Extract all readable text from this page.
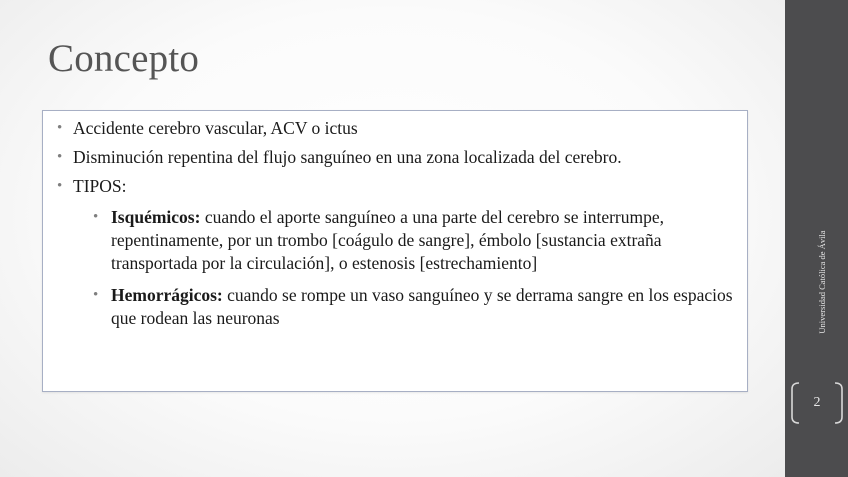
Concepto
• Accidente cerebro vascular, ACV o ictus
• Disminución repentina del flujo sanguíneo en una zona localizada del cerebro.
• TIPOS:
• Isquémicos: cuando el aporte sanguíneo a una parte del cerebro se interrumpe, repentinamente, por un trombo [coágulo de sangre], émbolo [sustancia extraña transportada por la circulación], o estenosis [estrechamiento]
• Hemorrágicos: cuando se rompe un vaso sanguíneo y se derrama sangre en los espacios que rodean las neuronas	Universidad Católica de Ávila
2
